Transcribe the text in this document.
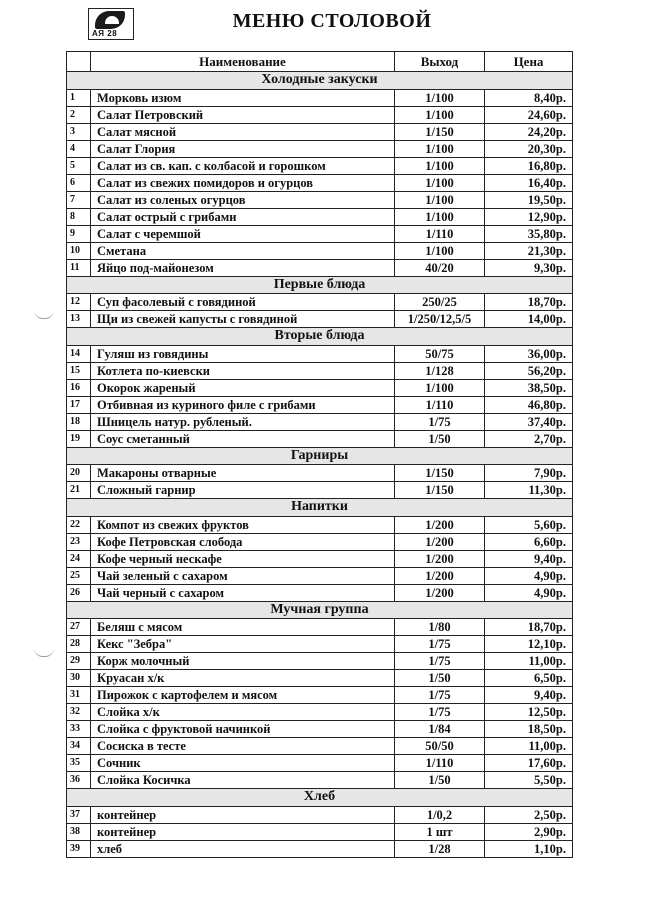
АЯ 28
МЕНЮ СТОЛОВОЙ
	Наименование	Выход	Цена
Холодные закуски			
1	Морковь изюм	1/100	8,40р.
2	Салат Петровский	1/100	24,60р.
3	Салат мясной	1/150	24,20р.
4	Салат Глория	1/100	20,30р.
5	Салат из св. кап. с колбасой и горошком	1/100	16,80р.
6	Салат из свежих помидоров и огурцов	1/100	16,40р.
7	Салат из соленых огурцов	1/100	19,50р.
8	Салат острый с грибами	1/100	12,90р.
9	Салат с черемшой	1/110	35,80р.
10	Сметана	1/100	21,30р.
11	Яйцо под-майонезом	40/20	9,30р.
Первые блюда			
12	Суп фасолевый с говядиной	250/25	18,70р.
13	Щи из свежей капусты с говядиной	1/250/12,5/5	14,00р.
Вторые блюда			
14	Гуляш из говядины	50/75	36,00р.
15	Котлета по-киевски	1/128	56,20р.
16	Окорок жареный	1/100	38,50р.
17	Отбивная из куриного филе с грибами	1/110	46,80р.
18	Шницель натур. рубленый.	1/75	37,40р.
19	Соус сметанный	1/50	2,70р.
Гарниры			
20	Макароны отварные	1/150	7,90р.
21	Сложный гарнир	1/150	11,30р.
Напитки			
22	Компот из свежих фруктов	1/200	5,60р.
23	Кофе Петровская слобода	1/200	6,60р.
24	Кофе черный нескафе	1/200	9,40р.
25	Чай зеленый с сахаром	1/200	4,90р.
26	Чай черный с сахаром	1/200	4,90р.
Мучная группа			
27	Беляш с мясом	1/80	18,70р.
28	Кекс "Зебра"	1/75	12,10р.
29	Корж молочный	1/75	11,00р.
30	Круасан х/к	1/50	6,50р.
31	Пирожок с картофелем и мясом	1/75	9,40р.
32	Слойка х/к	1/75	12,50р.
33	Слойка с фруктовой начинкой	1/84	18,50р.
34	Сосиска в тесте	50/50	11,00р.
35	Сочник	1/110	17,60р.
36	Слойка Косичка	1/50	5,50р.
Хлеб			
37	контейнер	1/0,2	2,50р.
38	контейнер	1 шт	2,90р.
39	хлеб	1/28	1,10р.
